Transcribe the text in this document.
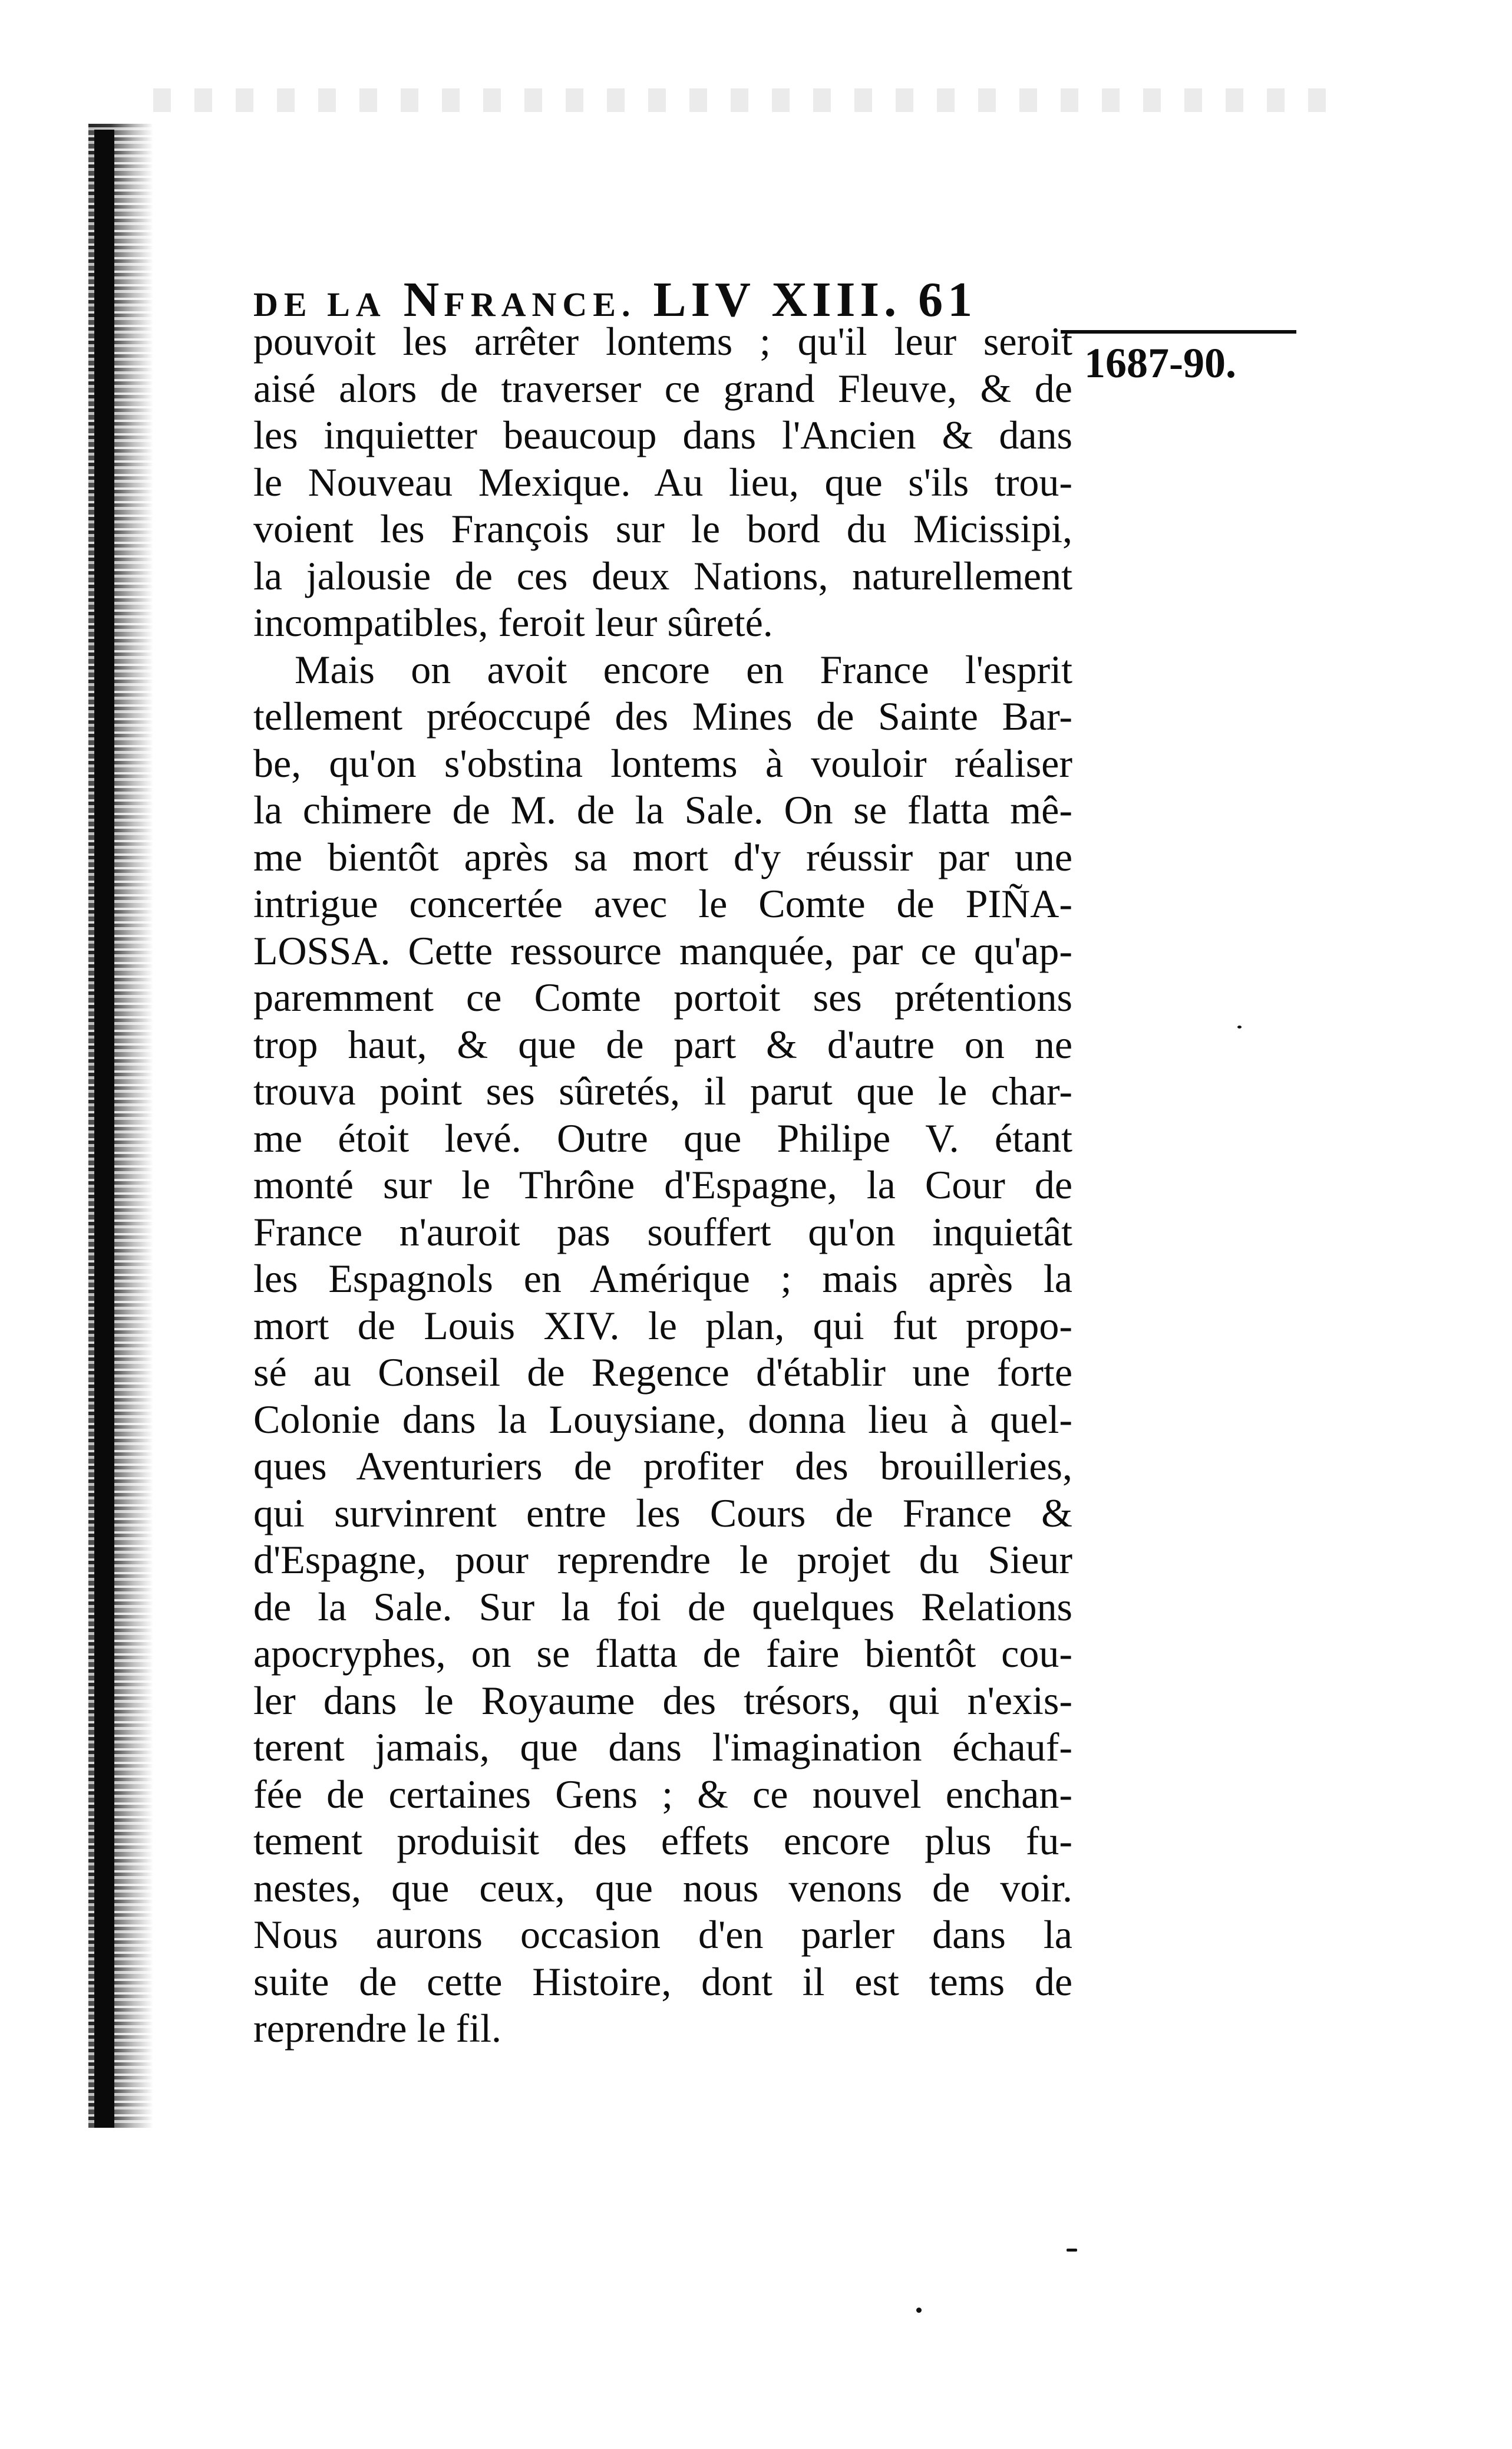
DE LA NFRANCE. LIV XIII. 61
1687-90.
pouvoit les arrêter lontems ; qu'il leur seroit
aisé alors de traverser ce grand Fleuve, & de
les inquietter beaucoup dans l'Ancien & dans
le Nouveau Mexique. Au lieu, que s'ils trou-
voient les François sur le bord du Micissipi,
la jalousie de ces deux Nations, naturellement
incompatibles, feroit leur sûreté.
Mais on avoit encore en France l'esprit
tellement préoccupé des Mines de Sainte Bar-
be, qu'on s'obstina lontems à vouloir réaliser
la chimere de M. de la Sale. On se flatta mê-
me bientôt après sa mort d'y réussir par une
intrigue concertée avec le Comte de PIÑA-
LOSSA. Cette ressource manquée, par ce qu'ap-
paremment ce Comte portoit ses prétentions
trop haut, & que de part & d'autre on ne
trouva point ses sûretés, il parut que le char-
me étoit levé. Outre que Philipe V. étant
monté sur le Thrône d'Espagne, la Cour de
France n'auroit pas souffert qu'on inquietât
les Espagnols en Amérique ; mais après la
mort de Louis XIV. le plan, qui fut propo-
sé au Conseil de Regence d'établir une forte
Colonie dans la Louysiane, donna lieu à quel-
ques Aventuriers de profiter des brouilleries,
qui survinrent entre les Cours de France &
d'Espagne, pour reprendre le projet du Sieur
de la Sale. Sur la foi de quelques Relations
apocryphes, on se flatta de faire bientôt cou-
ler dans le Royaume des trésors, qui n'exis-
terent jamais, que dans l'imagination échauf-
fée de certaines Gens ; & ce nouvel enchan-
tement produisit des effets encore plus fu-
nestes, que ceux, que nous venons de voir.
Nous aurons occasion d'en parler dans la
suite de cette Histoire, dont il est tems de
reprendre le fil.
